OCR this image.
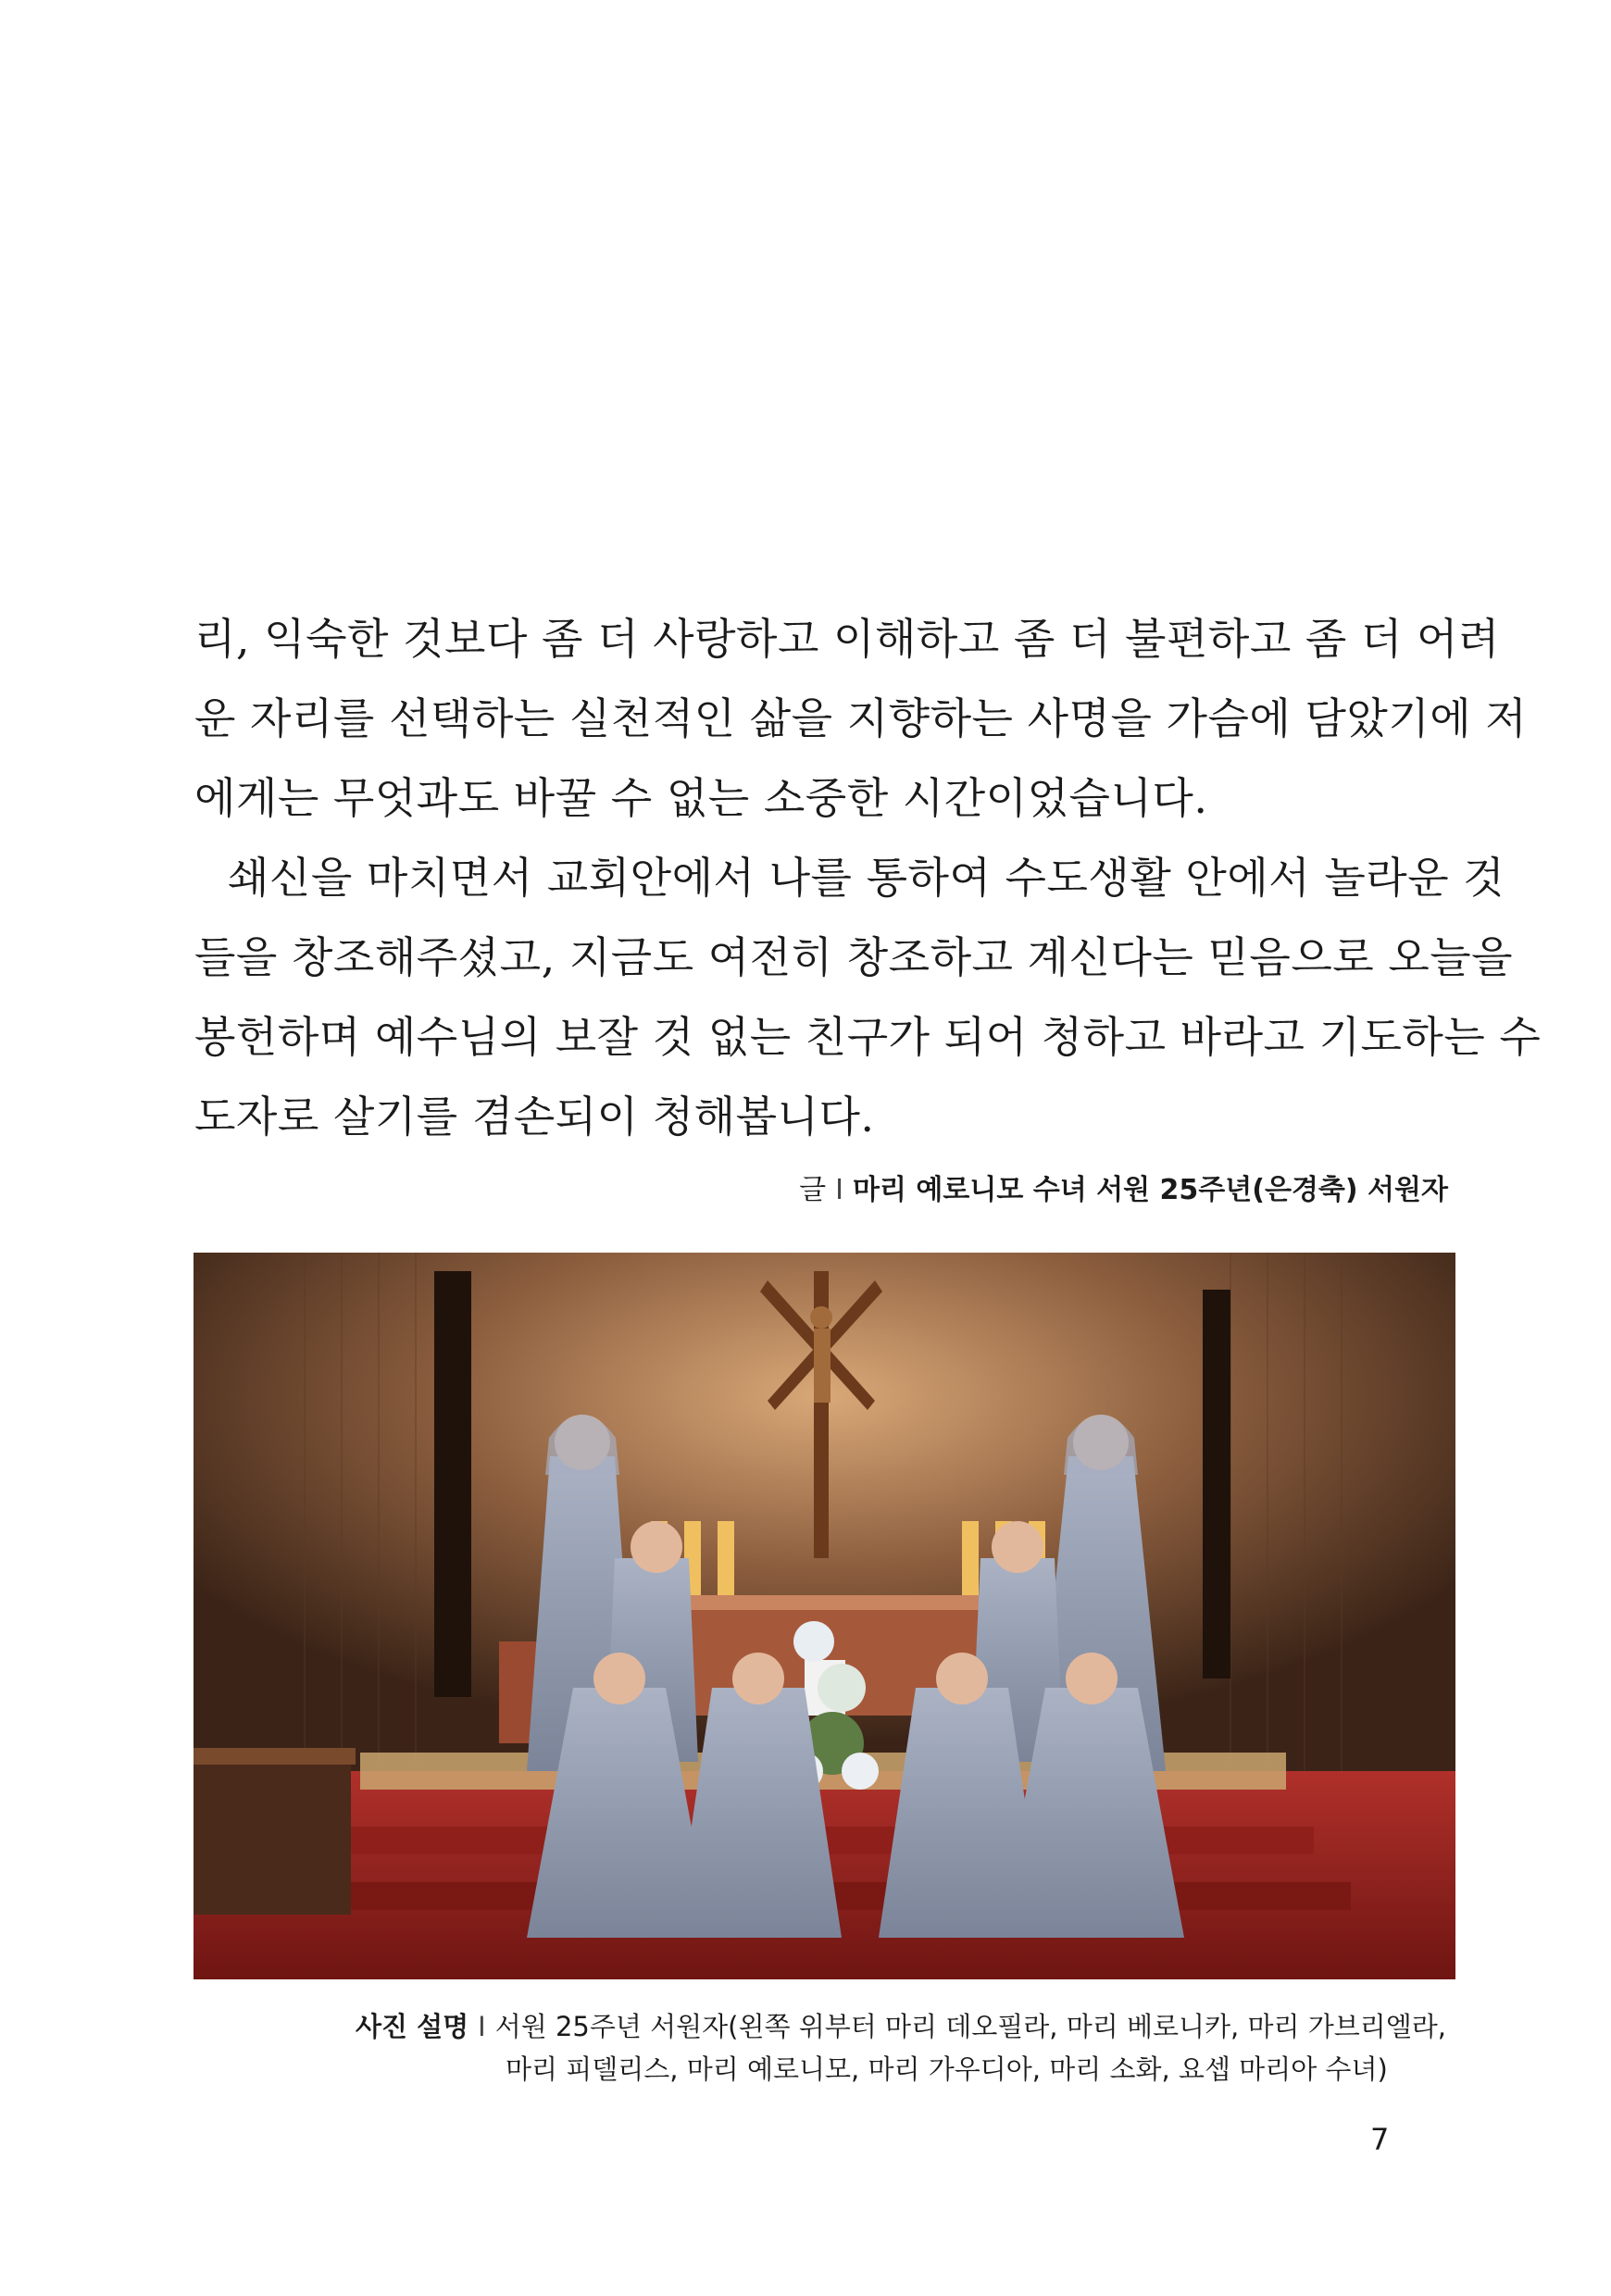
리, 익숙한 것보다 좀 더 사랑하고 이해하고 좀 더 불편하고 좀 더 어려
운 자리를 선택하는 실천적인 삶을 지향하는 사명을 가슴에 담았기에 저
에게는 무엇과도 바꿀 수 없는 소중한 시간이었습니다.
쇄신을 마치면서 교회안에서 나를 통하여 수도생활 안에서 놀라운 것
들을 창조해주셨고, 지금도 여전히 창조하고 계신다는 믿음으로 오늘을
봉헌하며 예수님의 보잘 것 없는 친구가 되어 청하고 바라고 기도하는 수
도자로 살기를 겸손되이 청해봅니다.
글 I 마리 예로니모 수녀 서원 25주년(은경축) 서원자
사진 설명 I 서원 25주년 서원자(왼쪽 위부터 마리 데오필라, 마리 베로니카, 마리 가브리엘라,
마리 피델리스, 마리 예로니모, 마리 가우디아, 마리 소화, 요셉 마리아 수녀)
7
